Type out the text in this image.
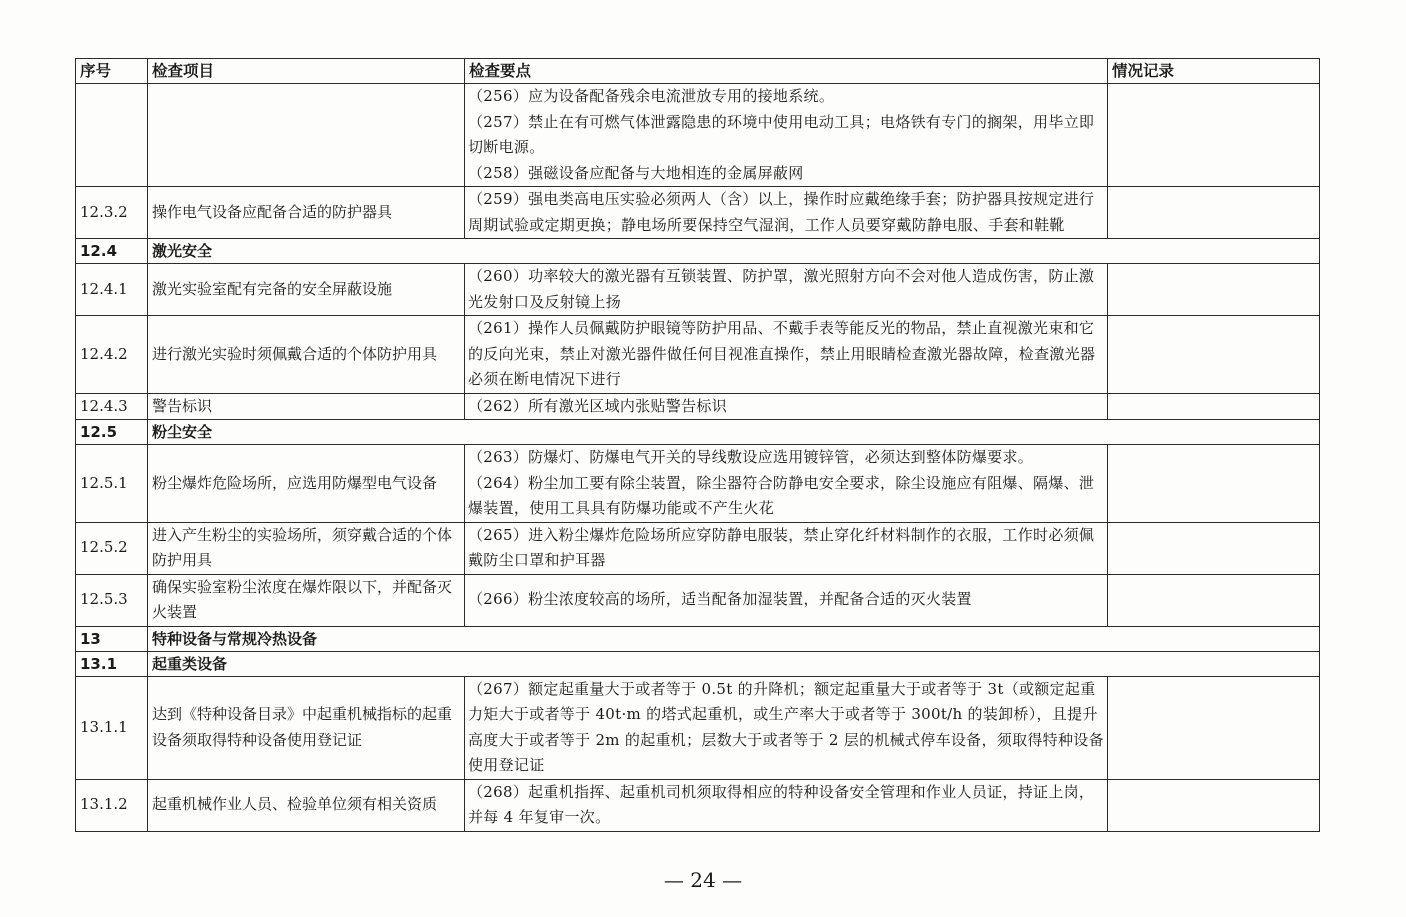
序号	检查项目	检查要点	情况记录

		（256）应为设备配备残余电流泄放专用的接地系统。
（257）禁止在有可燃气体泄露隐患的环境中使用电动工具；电烙铁有专门的搁架，用毕立即切断电源。
（258）强磁设备应配备与大地相连的金属屏蔽网	

12.3.2	操作电气设备应配备合适的防护器具	（259）强电类高电压实验必须两人（含）以上，操作时应戴绝缘手套；防护器具按规定进行周期试验或定期更换；静电场所要保持空气湿润，工作人员要穿戴防静电服、手套和鞋靴	

12.4	激光安全		
12.4.1	激光实验室配有完备的安全屏蔽设施	（260）功率较大的激光器有互锁装置、防护罩，激光照射方向不会对他人造成伤害，防止激光发射口及反射镜上扬	

12.4.2	进行激光实验时须佩戴合适的个体防护用具	（261）操作人员佩戴防护眼镜等防护用品、不戴手表等能反光的物品，禁止直视激光束和它的反向光束，禁止对激光器件做任何目视准直操作，禁止用眼睛检查激光器故障，检查激光器必须在断电情况下进行	

12.4.3	警告标识	（262）所有激光区域内张贴警告标识	

12.5	粉尘安全		
12.5.1	粉尘爆炸危险场所，应选用防爆型电气设备	（263）防爆灯、防爆电气开关的导线敷设应选用镀锌管，必须达到整体防爆要求。
（264）粉尘加工要有除尘装置，除尘器符合防静电安全要求，除尘设施应有阻爆、隔爆、泄爆装置，使用工具具有防爆功能或不产生火花	

12.5.2	进入产生粉尘的实验场所，须穿戴合适的个体防护用具	（265）进入粉尘爆炸危险场所应穿防静电服装，禁止穿化纤材料制作的衣服，工作时必须佩戴防尘口罩和护耳器	

12.5.3	确保实验室粉尘浓度在爆炸限以下，并配备灭火装置	（266）粉尘浓度较高的场所，适当配备加湿装置，并配备合适的灭火装置	

13	特种设备与常规冷热设备		
13.1	起重类设备		
13.1.1	达到《特种设备目录》中起重机械指标的起重设备须取得特种设备使用登记证	（267）额定起重量大于或者等于 0.5t 的升降机；额定起重量大于或者等于 3t（或额定起重力矩大于或者等于 40t·m 的塔式起重机，或生产率大于或者等于 300t/h 的装卸桥），且提升高度大于或者等于 2m 的起重机；层数大于或者等于 2 层的机械式停车设备，须取得特种设备使用登记证	

13.1.2	起重机械作业人员、检验单位须有相关资质	（268）起重机指挥、起重机司机须取得相应的特种设备安全管理和作业人员证，持证上岗，并每 4 年复审一次。	

— 24 —
